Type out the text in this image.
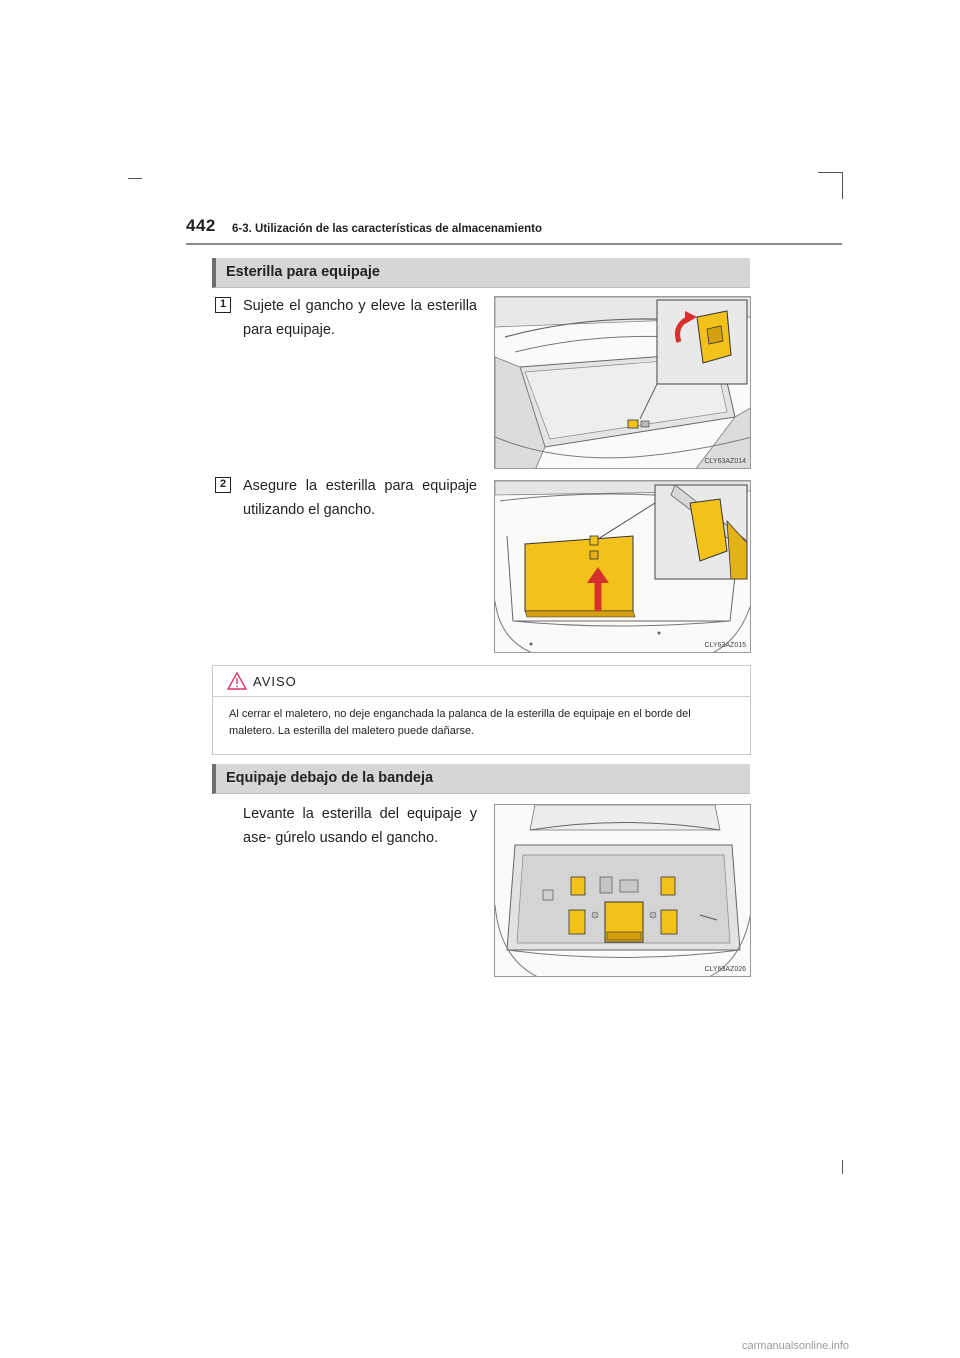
442 6-3. Utilización de las características de almacenamiento
Esterilla para equipaje
1	Sujete el gancho y eleve la esterilla para equipaje.
CLY63AZ014
2	Asegure la esterilla para equipaje utilizando el gancho.
CLY63AZ015
AVISO
Al cerrar el maletero, no deje enganchada la palanca de la esterilla de equipaje en el borde del maletero. La esterilla del maletero puede dañarse.
Equipaje debajo de la bandeja
Levante la esterilla del equipaje y ase- gúrelo usando el gancho.
CLY63AZ026
carmanualsonline.info
